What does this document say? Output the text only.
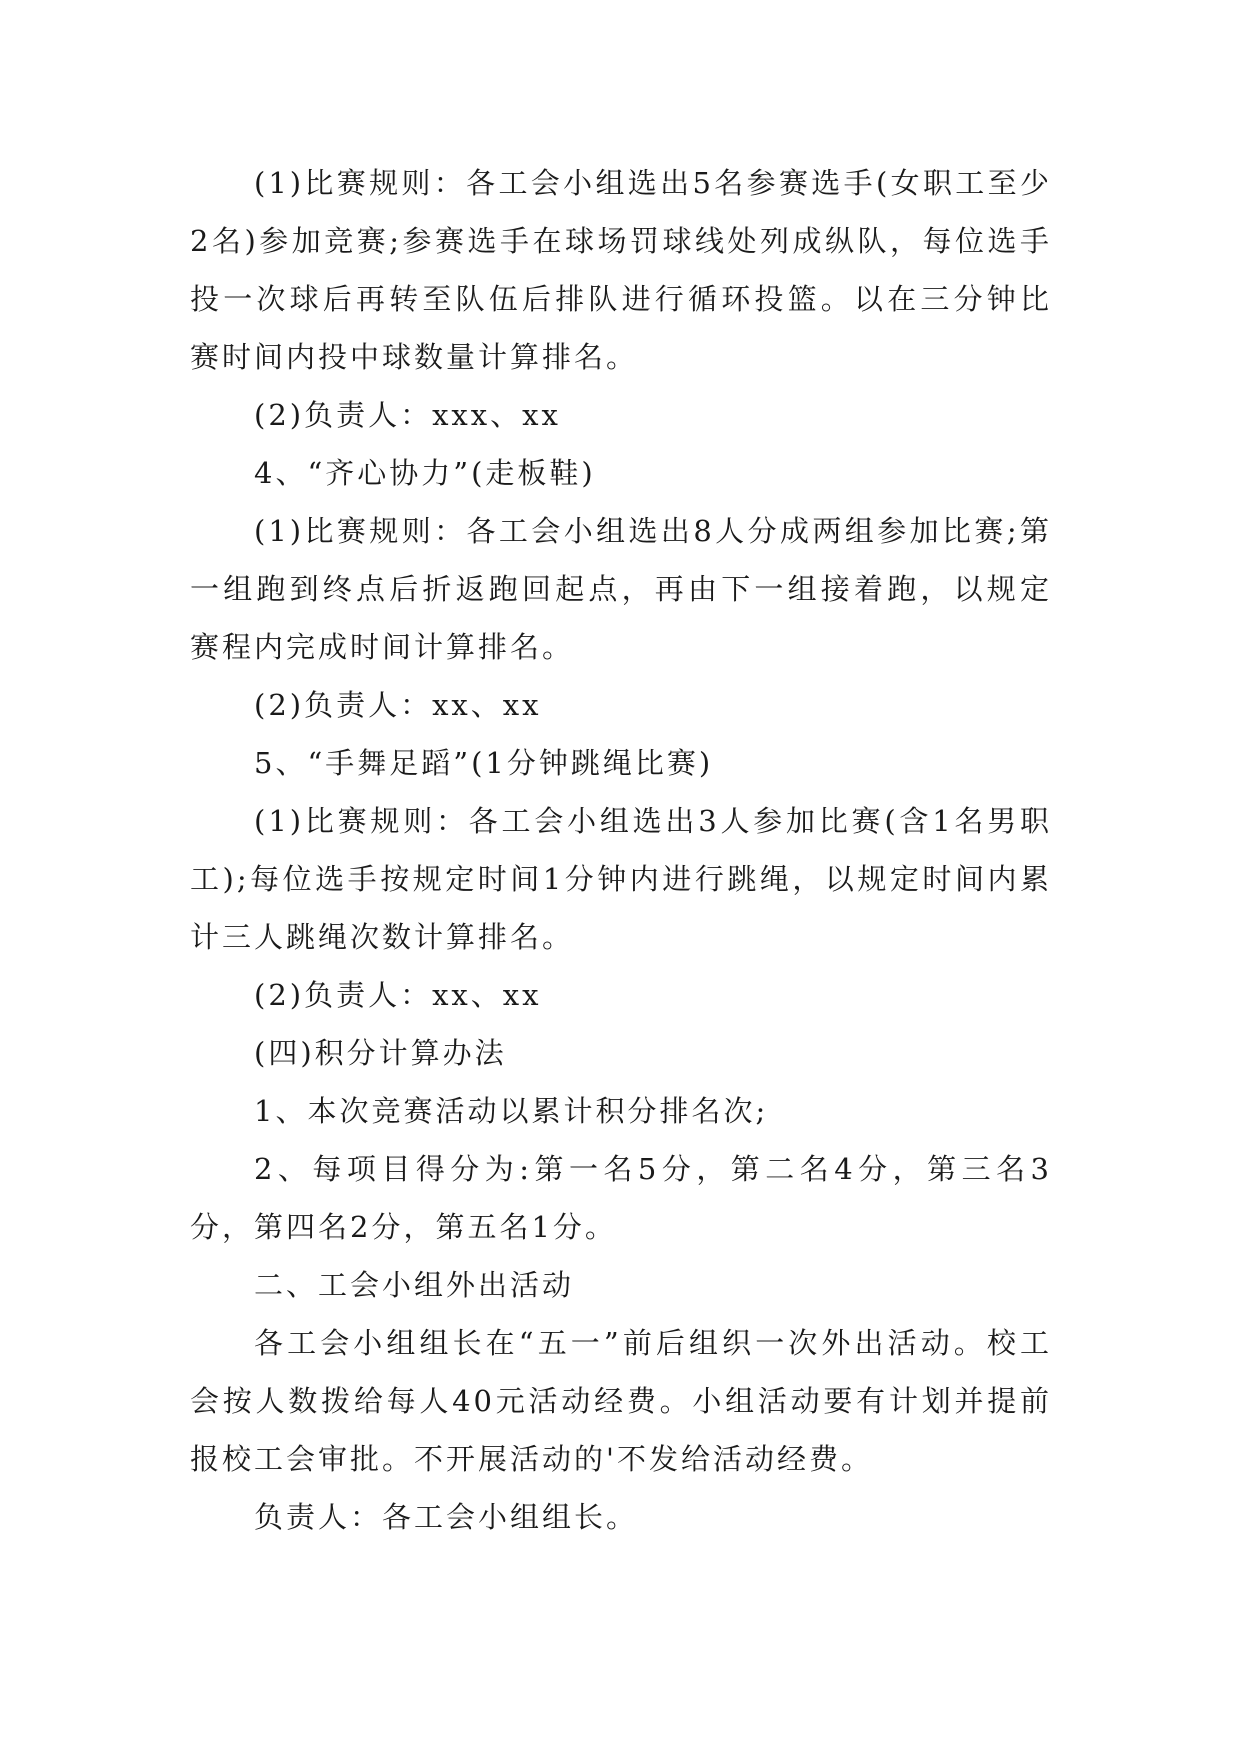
(1)比赛规则：各工会小组选出5名参赛选手(女职工至少2名)参加竞赛;参赛选手在球场罚球线处列成纵队，每位选手投一次球后再转至队伍后排队进行循环投篮。以在三分钟比赛时间内投中球数量计算排名。

(2)负责人：xxx、xx

4、“齐心协力”(走板鞋)

(1)比赛规则：各工会小组选出8人分成两组参加比赛;第一组跑到终点后折返跑回起点，再由下一组接着跑，以规定赛程内完成时间计算排名。

(2)负责人：xx、xx

5、“手舞足蹈”(1分钟跳绳比赛)

(1)比赛规则：各工会小组选出3人参加比赛(含1名男职工);每位选手按规定时间1分钟内进行跳绳，以规定时间内累计三人跳绳次数计算排名。

(2)负责人：xx、xx

(四)积分计算办法

1、本次竞赛活动以累计积分排名次;

2、每项目得分为:第一名5分，第二名4分，第三名3分，第四名2分，第五名1分。

二、工会小组外出活动

各工会小组组长在“五一”前后组织一次外出活动。校工会按人数拨给每人40元活动经费。小组活动要有计划并提前报校工会审批。不开展活动的'不发给活动经费。

负责人：各工会小组组长。
